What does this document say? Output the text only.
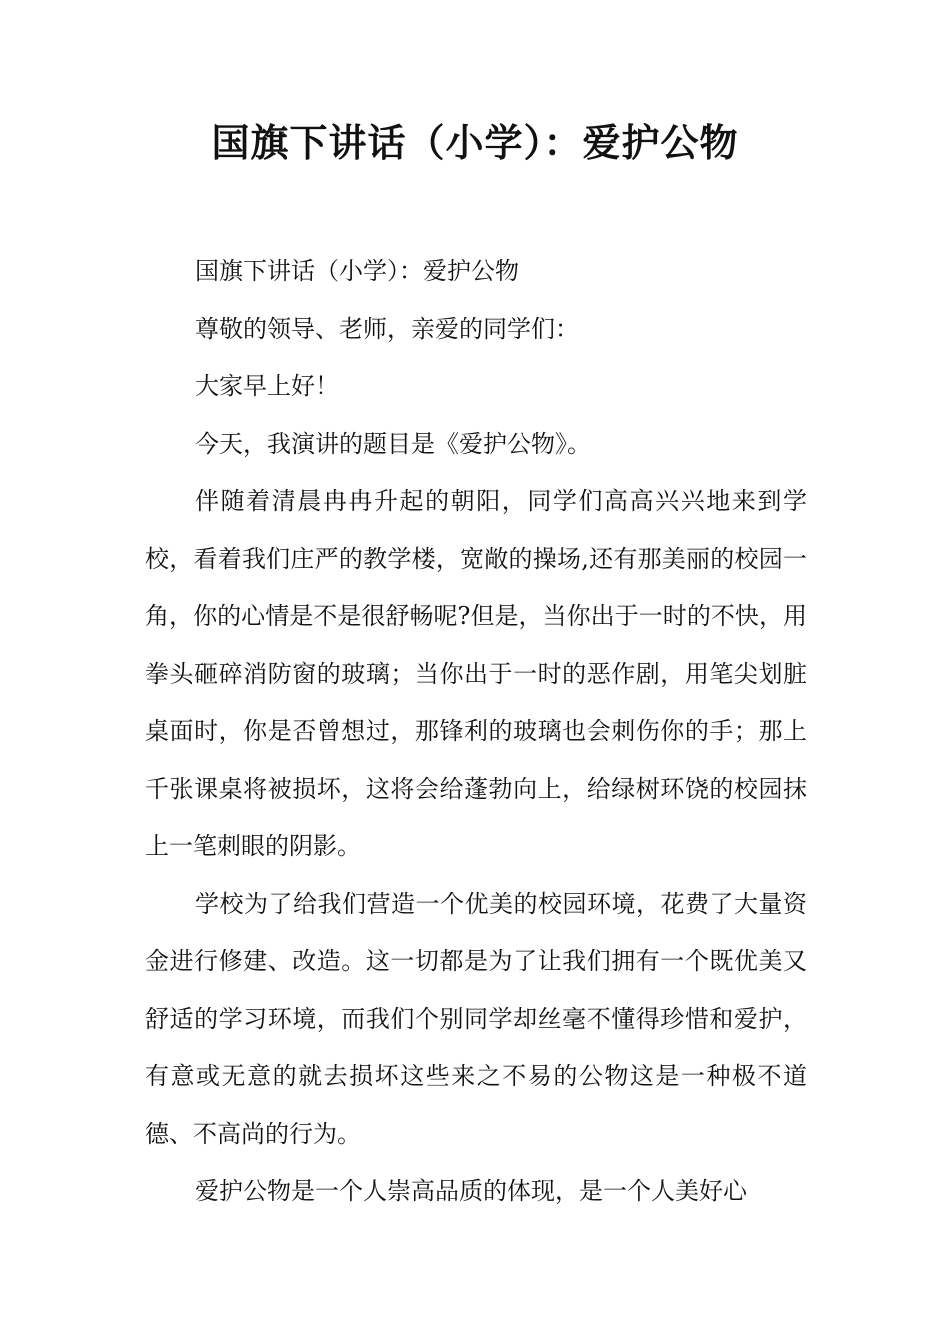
国旗下讲话（小学）：爱护公物

国旗下讲话（小学）：爱护公物

尊敬的领导、老师，亲爱的同学们：

大家早上好！

今天，我演讲的题目是《爱护公物》。

伴随着清晨冉冉升起的朝阳，同学们高高兴兴地来到学校，看着我们庄严的教学楼，宽敞的操场,还有那美丽的校园一角，你的心情是不是很舒畅呢?但是，当你出于一时的不快，用拳头砸碎消防窗的玻璃；当你出于一时的恶作剧，用笔尖划脏桌面时，你是否曾想过，那锋利的玻璃也会刺伤你的手；那上千张课桌将被损坏，这将会给蓬勃向上，给绿树环饶的校园抹上一笔刺眼的阴影。

学校为了给我们营造一个优美的校园环境，花费了大量资金进行修建、改造。这一切都是为了让我们拥有一个既优美又舒适的学习环境，而我们个别同学却丝毫不懂得珍惜和爱护，有意或无意的就去损坏这些来之不易的公物这是一种极不道德、不高尚的行为。

爱护公物是一个人崇高品质的体现，是一个人美好心
